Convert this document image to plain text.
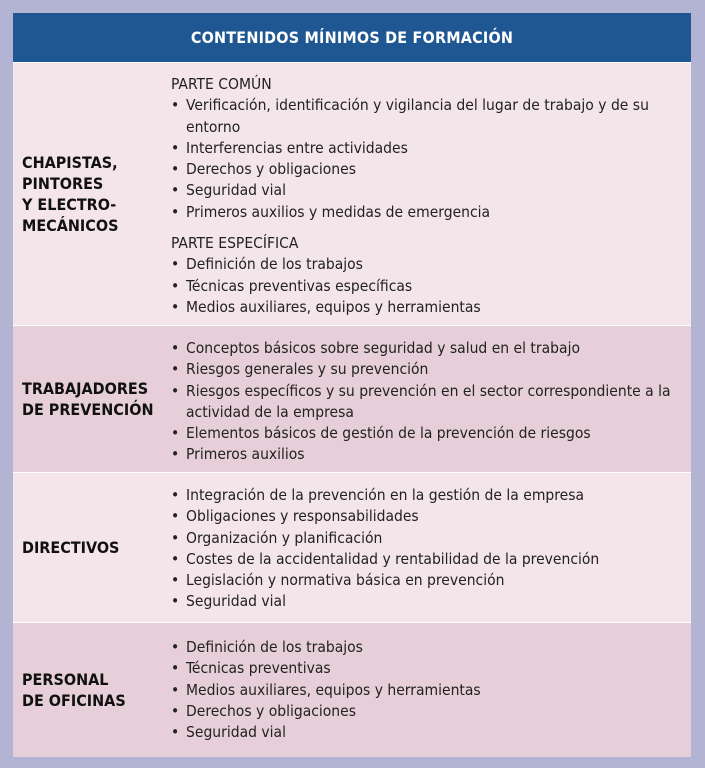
CONTENIDOS MÍNIMOS DE FORMACIÓN
CHAPISTAS,
PINTORES
Y ELECTRO-
MECÁNICOS
PARTE COMÚN
• Verificación, identificación y vigilancia del lugar de trabajo y de su entorno
• Interferencias entre actividades
• Derechos y obligaciones
• Seguridad vial
• Primeros auxilios y medidas de emergencia
PARTE ESPECÍFICA
• Definición de los trabajos
• Técnicas preventivas específicas
• Medios auxiliares, equipos y herramientas
TRABAJADORES
DE PREVENCIÓN
• Conceptos básicos sobre seguridad y salud en el trabajo
• Riesgos generales y su prevención
• Riesgos específicos y su prevención en el sector correspondiente a la actividad de la empresa
• Elementos básicos de gestión de la prevención de riesgos
• Primeros auxilios
DIRECTIVOS
• Integración de la prevención en la gestión de la empresa
• Obligaciones y responsabilidades
• Organización y planificación
• Costes de la accidentalidad y rentabilidad de la prevención
• Legislación y normativa básica en prevención
• Seguridad vial
PERSONAL
DE OFICINAS
• Definición de los trabajos
• Técnicas preventivas
• Medios auxiliares, equipos y herramientas
• Derechos y obligaciones
• Seguridad vial
